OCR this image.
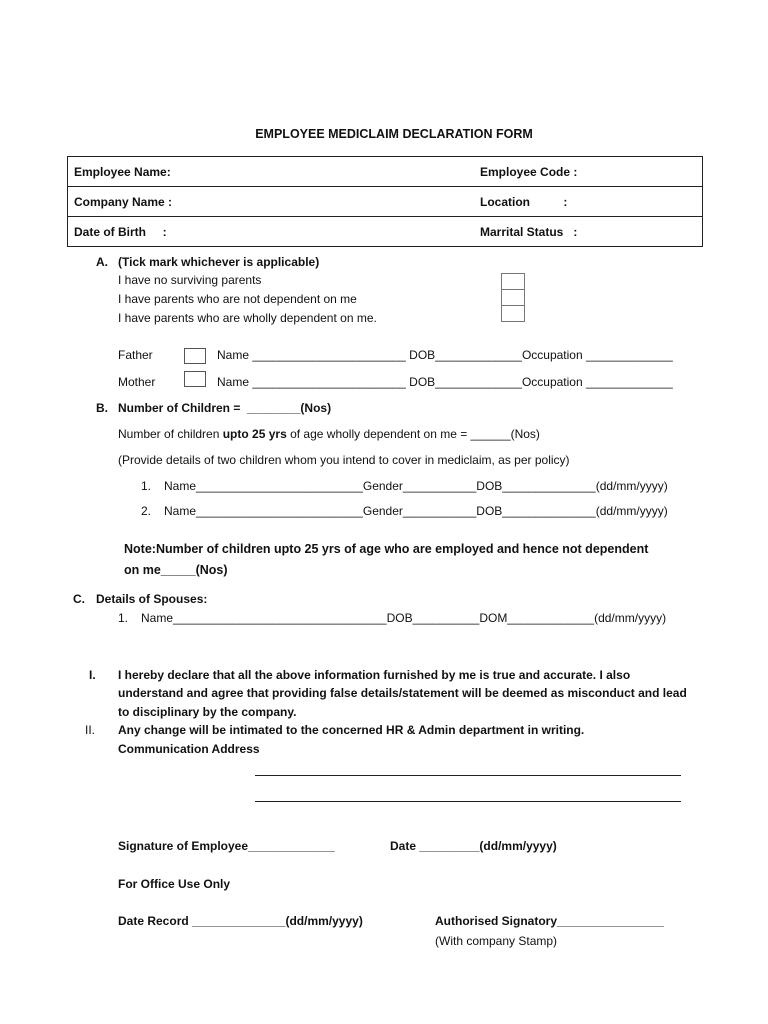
EMPLOYEE MEDICLAIM DECLARATION FORM
Employee Name:	Employee Code :
Company Name :	Location          :
Date of Birth     :	Marrital Status   :
A. (Tick mark whichever is applicable)
I have no surviving parents
I have parents who are not dependent on me
I have parents who are wholly dependent on me.
Father	Name _______________________ DOB_____________Occupation _____________
Mother	Name _______________________ DOB_____________Occupation _____________
B. Number of Children =  ________(Nos)
Number of children upto 25 yrs of age wholly dependent on me = ______(Nos)
(Provide details of two children whom you intend to cover in mediclaim, as per policy)
1. Name_________________________Gender___________DOB______________(dd/mm/yyyy)
2. Name_________________________Gender___________DOB______________(dd/mm/yyyy)
Note:Number of children upto 25 yrs of age who are employed and hence not dependent
on me_____(Nos)
C. Details of Spouses:
1. Name________________________________DOB__________DOM_____________(dd/mm/yyyy)
I. I hereby declare that all the above information furnished by me is true and accurate. I also
understand and agree that providing false details/statement will be deemed as misconduct and lead
to disciplinary by the company.
II. Any change will be intimated to the concerned HR & Admin department in writing.
Communication Address
Signature of Employee_____________	Date _________(dd/mm/yyyy)
For Office Use Only
Date Record ______________(dd/mm/yyyy)	Authorised Signatory________________
(With company Stamp)
